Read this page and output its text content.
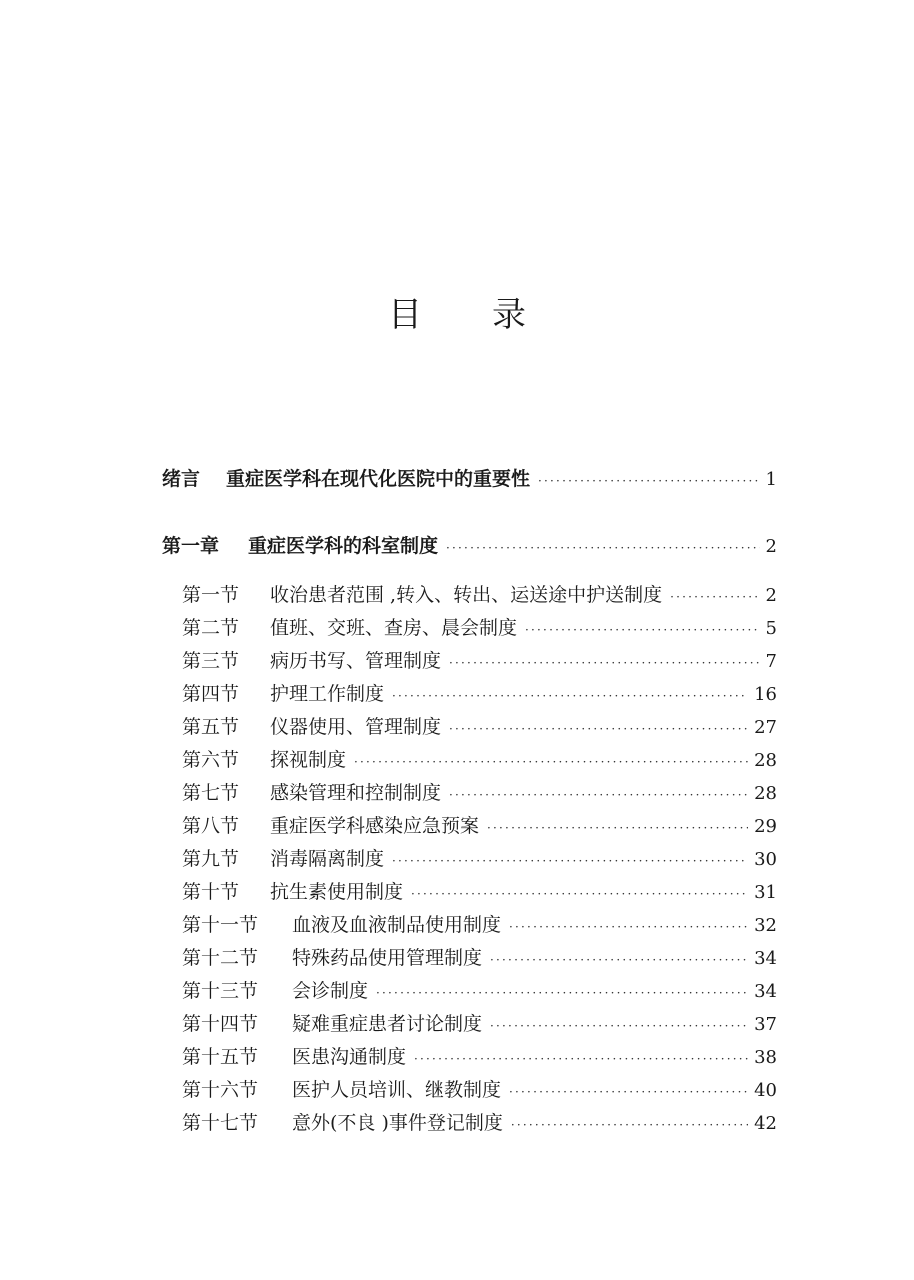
目录
绪言	重症医学科在现代化医院中的重要性 ·····	1
第一章	重症医学科的科室制度 ·····	2
第一节	收治患者范围 ,转入、转出、运送途中护送制度 ·····	2
第二节	值班、交班、查房、晨会制度 ·····	5
第三节	病历书写、管理制度 ·····	7
第四节	护理工作制度 ·····	16
第五节	仪器使用、管理制度 ·····	27
第六节	探视制度 ·····	28
第七节	感染管理和控制制度 ·····	28
第八节	重症医学科感染应急预案 ·····	29
第九节	消毒隔离制度 ·····	30
第十节	抗生素使用制度 ·····	31
第十一节	血液及血液制品使用制度 ·····	32
第十二节	特殊药品使用管理制度 ·····	34
第十三节	会诊制度 ·····	34
第十四节	疑难重症患者讨论制度 ·····	37
第十五节	医患沟通制度 ·····	38
第十六节	医护人员培训、继教制度 ·····	40
第十七节	意外(不良 )事件登记制度 ·····	42
